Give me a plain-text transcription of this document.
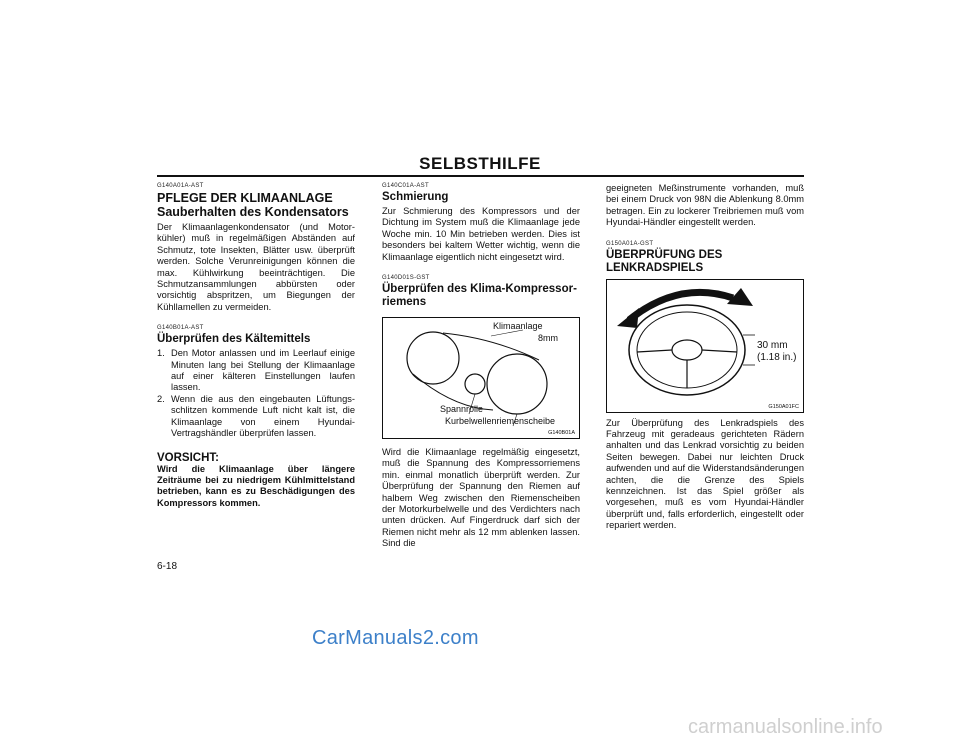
SELBSTHILFE
G140A01A-AST
PFLEGE DER KLIMAANLAGE
Sauberhalten des Kondensators

Der Klimaanlagenkondensator (und Motor-kühler) muß in regelmäßigen Abständen auf Schmutz, tote Insekten, Blätter usw. überprüft werden. Solche Verunreinigungen können die max. Kühlwirkung beeinträchtigen. Die Schmutzansammlungen abbürsten oder vorsichtig abspritzen, um Biegungen der Kühllamellen zu vermeiden.

G140B01A-AST
Überprüfen des Kältemittels
1. Den Motor anlassen und im Leerlauf einige Minuten lang bei Stellung der Klimaanlage auf einer kälteren Einstellungen laufen lassen.
2. Wenn die aus den eingebauten Lüftungs-schlitzen kommende Luft nicht kalt ist, die Klimaanlage von einem Hyundai-Vertragshändler überprüfen lassen.
VORSICHT:

Wird die Klimaanlage über längere Zeiträume bei zu niedrigem Kühlmittelstand betrieben, kann es zu Beschädigungen des Kompressors kommen.

G140C01A-AST
Schmierung

Zur Schmierung des Kompressors und der Dichtung im System muß die Klimaanlage jede Woche min. 10 Min betrieben werden. Dies ist besonders bei kaltem Wetter wichtig, wenn die Klimaanlage eigentlich nicht eingesetzt wird.

G140D01S-GST
Überprüfen des Klima-Kompressor-riemens
Klimaanlage
8mm
Spannrolle
Kurbelwellenriemenscheibe
G140B01A

Wird die Klimaanlage regelmäßig eingesetzt, muß die Spannung des Kompressorriemens min. einmal monatlich überprüft werden. Zur Überprüfung der Spannung den Riemen auf halbem Weg zwischen den Riemenscheiben der Motorkurbelwelle und des Verdichters nach unten drücken. Auf Fingerdruck darf sich der Riemen nicht mehr als 12 mm ablenken lassen. Sind die

geeigneten Meßinstrumente vorhanden, muß bei einem Druck von 98N die Ablenkung 8.0mm betragen. Ein zu lockerer Treibriemen muß vom Hyundai-Händler eingestellt werden.

G150A01A-GST
ÜBERPRÜFUNG DES LENKRADSPIELS
30 mm
(1.18 in.)
G150A01FC

Zur Überprüfung des Lenkradspiels des Fahrzeug mit geradeaus gerichteten Rädern anhalten und das Lenkrad vorsichtig zu beiden Seiten bewegen. Dabei nur leichten Druck aufwenden und auf die Widerstandsänderungen achten, die die Grenze des Spiels kennzeichnen. Ist das Spiel größer als vorgesehen, muß es vom Hyundai-Händler überprüft und, falls erforderlich, eingestellt oder repariert werden.

6-18
CarManuals2.com
carmanualsonline.info
